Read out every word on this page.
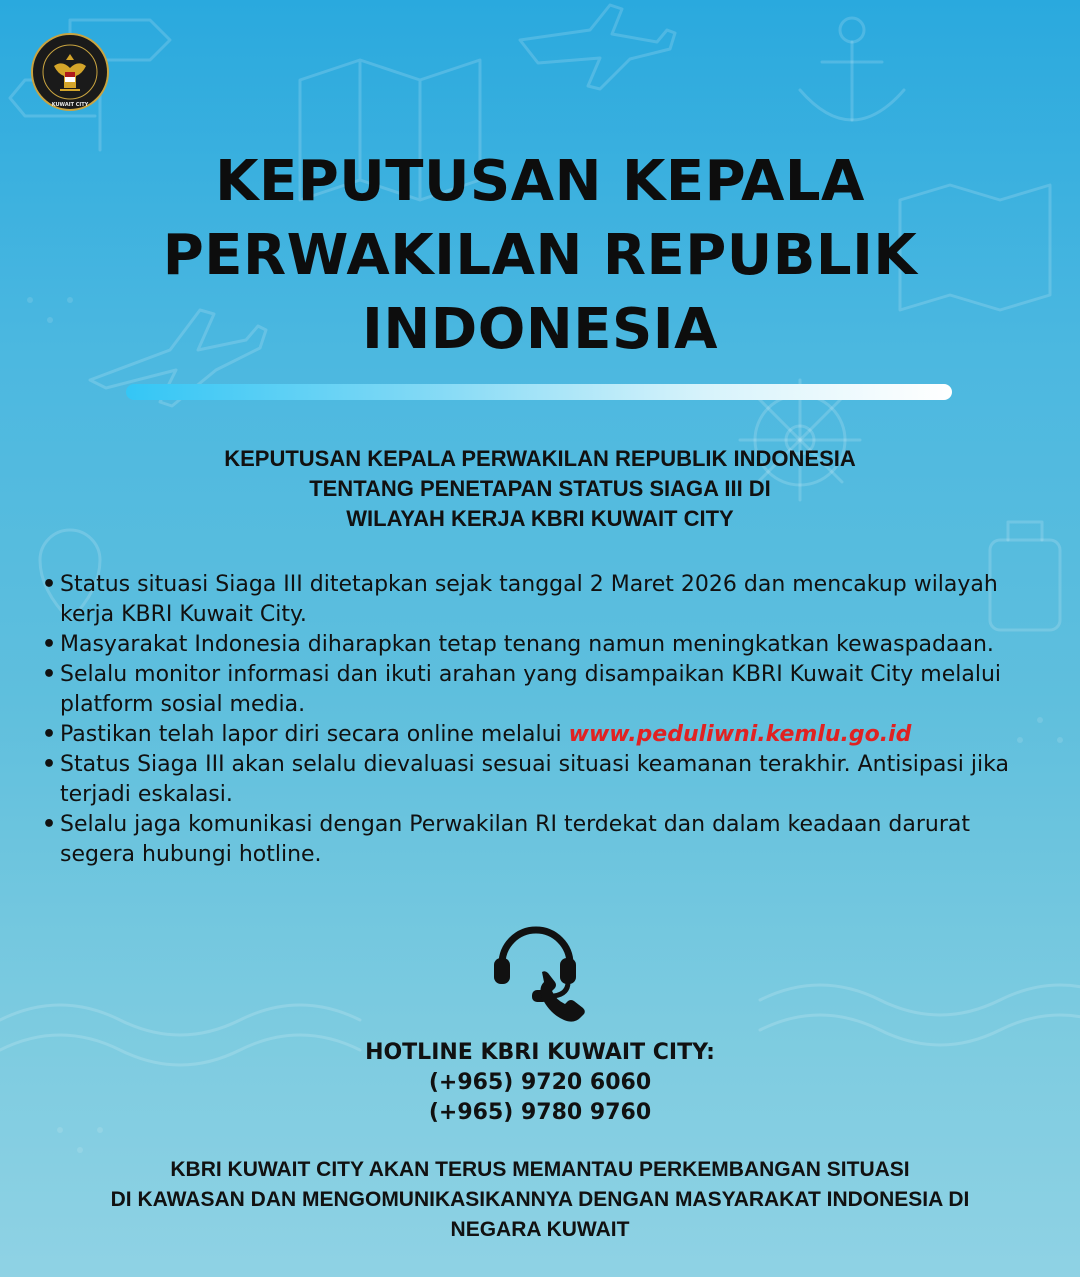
KUWAIT CITY
KEPUTUSAN KEPALA
PERWAKILAN REPUBLIK
INDONESIA
KEPUTUSAN KEPALA PERWAKILAN REPUBLIK INDONESIA
TENTANG PENETAPAN STATUS SIAGA III DI
WILAYAH KERJA KBRI KUWAIT CITY
• Status situasi Siaga III ditetapkan sejak tanggal 2 Maret 2026 dan mencakup wilayah kerja KBRI Kuwait City.
• Masyarakat Indonesia diharapkan tetap tenang namun meningkatkan kewaspadaan.
• Selalu monitor informasi dan ikuti arahan yang disampaikan KBRI Kuwait City melalui platform sosial media.
• Pastikan telah lapor diri secara online melalui www.peduliwni.kemlu.go.id
• Status Siaga III akan selalu dievaluasi sesuai situasi keamanan terakhir. Antisipasi jika terjadi eskalasi.
• Selalu jaga komunikasi dengan Perwakilan RI terdekat dan dalam keadaan darurat segera hubungi hotline.
HOTLINE KBRI KUWAIT CITY:
(+965) 9720 6060
(+965) 9780 9760
KBRI KUWAIT CITY AKAN TERUS MEMANTAU PERKEMBANGAN SITUASI
DI KAWASAN DAN MENGOMUNIKASIKANNYA DENGAN MASYARAKAT INDONESIA DI
NEGARA KUWAIT
